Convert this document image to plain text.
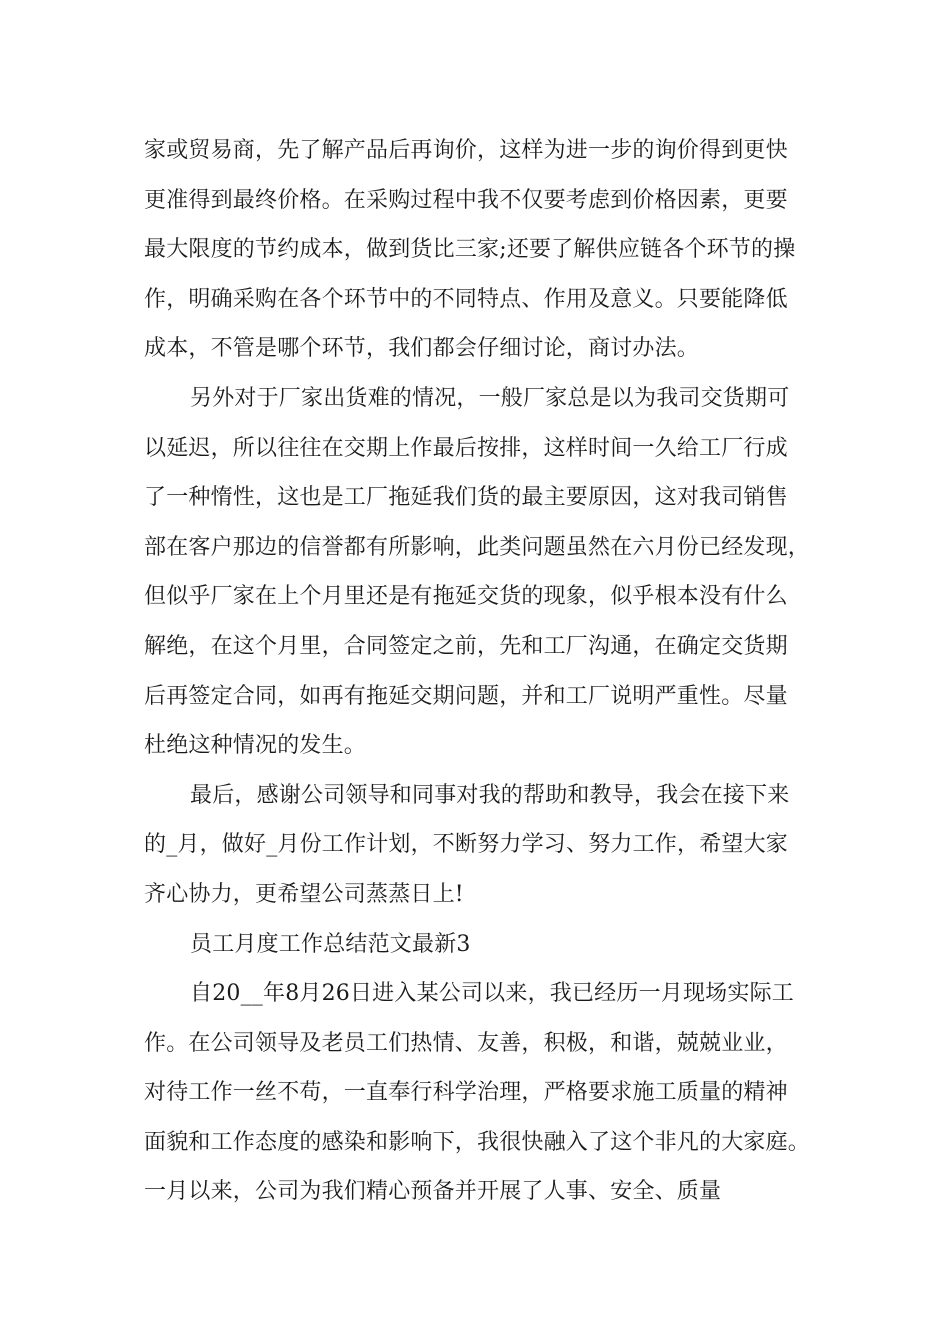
家或贸易商，先了解产品后再询价，这样为进一步的询价得到更快
更准得到最终价格。在采购过程中我不仅要考虑到价格因素，更要
最大限度的节约成本，做到货比三家;还要了解供应链各个环节的操
作，明确采购在各个环节中的不同特点、作用及意义。只要能降低
成本，不管是哪个环节，我们都会仔细讨论，商讨办法。

另外对于厂家出货难的情况，一般厂家总是以为我司交货期可
以延迟，所以往往在交期上作最后按排，这样时间一久给工厂行成
了一种惰性，这也是工厂拖延我们货的最主要原因，这对我司销售
部在客户那边的信誉都有所影响，此类问题虽然在六月份已经发现，
但似乎厂家在上个月里还是有拖延交货的现象，似乎根本没有什么
解绝，在这个月里，合同签定之前，先和工厂沟通，在确定交货期
后再签定合同，如再有拖延交期问题，并和工厂说明严重性。尽量
杜绝这种情况的发生。

最后，感谢公司领导和同事对我的帮助和教导，我会在接下来
的_月，做好_月份工作计划，不断努力学习、努力工作，希望大家
齐心协力，更希望公司蒸蒸日上!

员工月度工作总结范文最新3

自20__年8月26日进入某公司以来，我已经历一月现场实际工
作。在公司领导及老员工们热情、友善，积极，和谐，兢兢业业，
对待工作一丝不苟，一直奉行科学治理，严格要求施工质量的精神
面貌和工作态度的感染和影响下，我很快融入了这个非凡的大家庭。
一月以来，公司为我们精心预备并开展了人事、安全、质量
